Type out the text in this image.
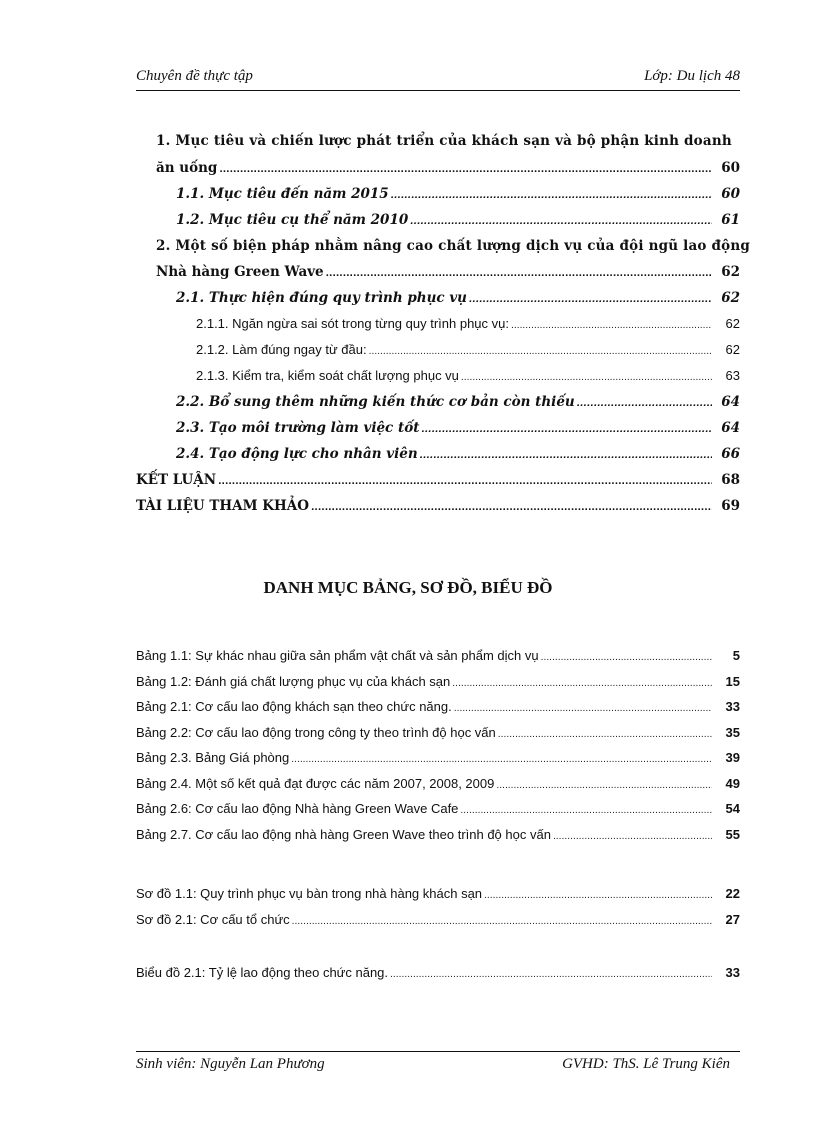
Chuyên đề thực tập	Lớp: Du lịch 48
1. Mục tiêu và chiến lược phát triển của khách sạn và bộ phận kinh doanh
ăn uống .....	60
1.1. Mục tiêu đến năm 2015 .....	60
1.2. Mục tiêu cụ thể năm 2010 .....	61
2. Một số biện pháp nhằm nâng cao chất lượng dịch vụ của đội ngũ lao động
Nhà hàng Green Wave .....	62
2.1. Thực hiện đúng quy trình phục vụ .....	62
2.1.1. Ngăn ngừa sai sót trong từng quy trình phục vụ: .....	62
2.1.2. Làm đúng ngay từ đầu: .....	62
2.1.3. Kiểm tra, kiểm soát chất lượng phục vụ .....	63
2.2. Bổ sung thêm những kiến thức cơ bản còn thiếu .....	64
2.3. Tạo môi trường làm việc tốt .....	64
2.4. Tạo động lực cho nhân viên .....	66
KẾT LUẬN .....	68
TÀI LIỆU THAM KHẢO .....	69
DANH MỤC BẢNG, SƠ ĐỒ, BIỂU ĐỒ
Bảng 1.1: Sự khác nhau giữa sản phẩm vật chất và sản phẩm dịch vụ .....	5
Bảng 1.2: Đánh giá chất lượng phục vụ của khách sạn .....	15
Bảng 2.1: Cơ cấu lao động khách sạn theo chức năng. .....	33
Bảng 2.2: Cơ cấu lao động trong công ty theo trình độ học vấn .....	35
Bảng 2.3. Bảng Giá phòng .....	39
Bảng 2.4. Một số kết quả đạt được các năm 2007, 2008, 2009 .....	49
Bảng 2.6: Cơ cấu lao động Nhà hàng Green Wave Cafe .....	54
Bảng 2.7. Cơ cấu lao động nhà hàng Green Wave theo trình độ học vấn .....	55
Sơ đồ 1.1: Quy trình phục vụ bàn trong nhà hàng khách sạn .....	22
Sơ đồ 2.1: Cơ cấu tổ chức .....	27
Biểu đồ 2.1: Tỷ lệ lao động theo chức năng. .....	33
Sinh viên: Nguyễn Lan Phương	GVHD: ThS. Lê Trung Kiên
